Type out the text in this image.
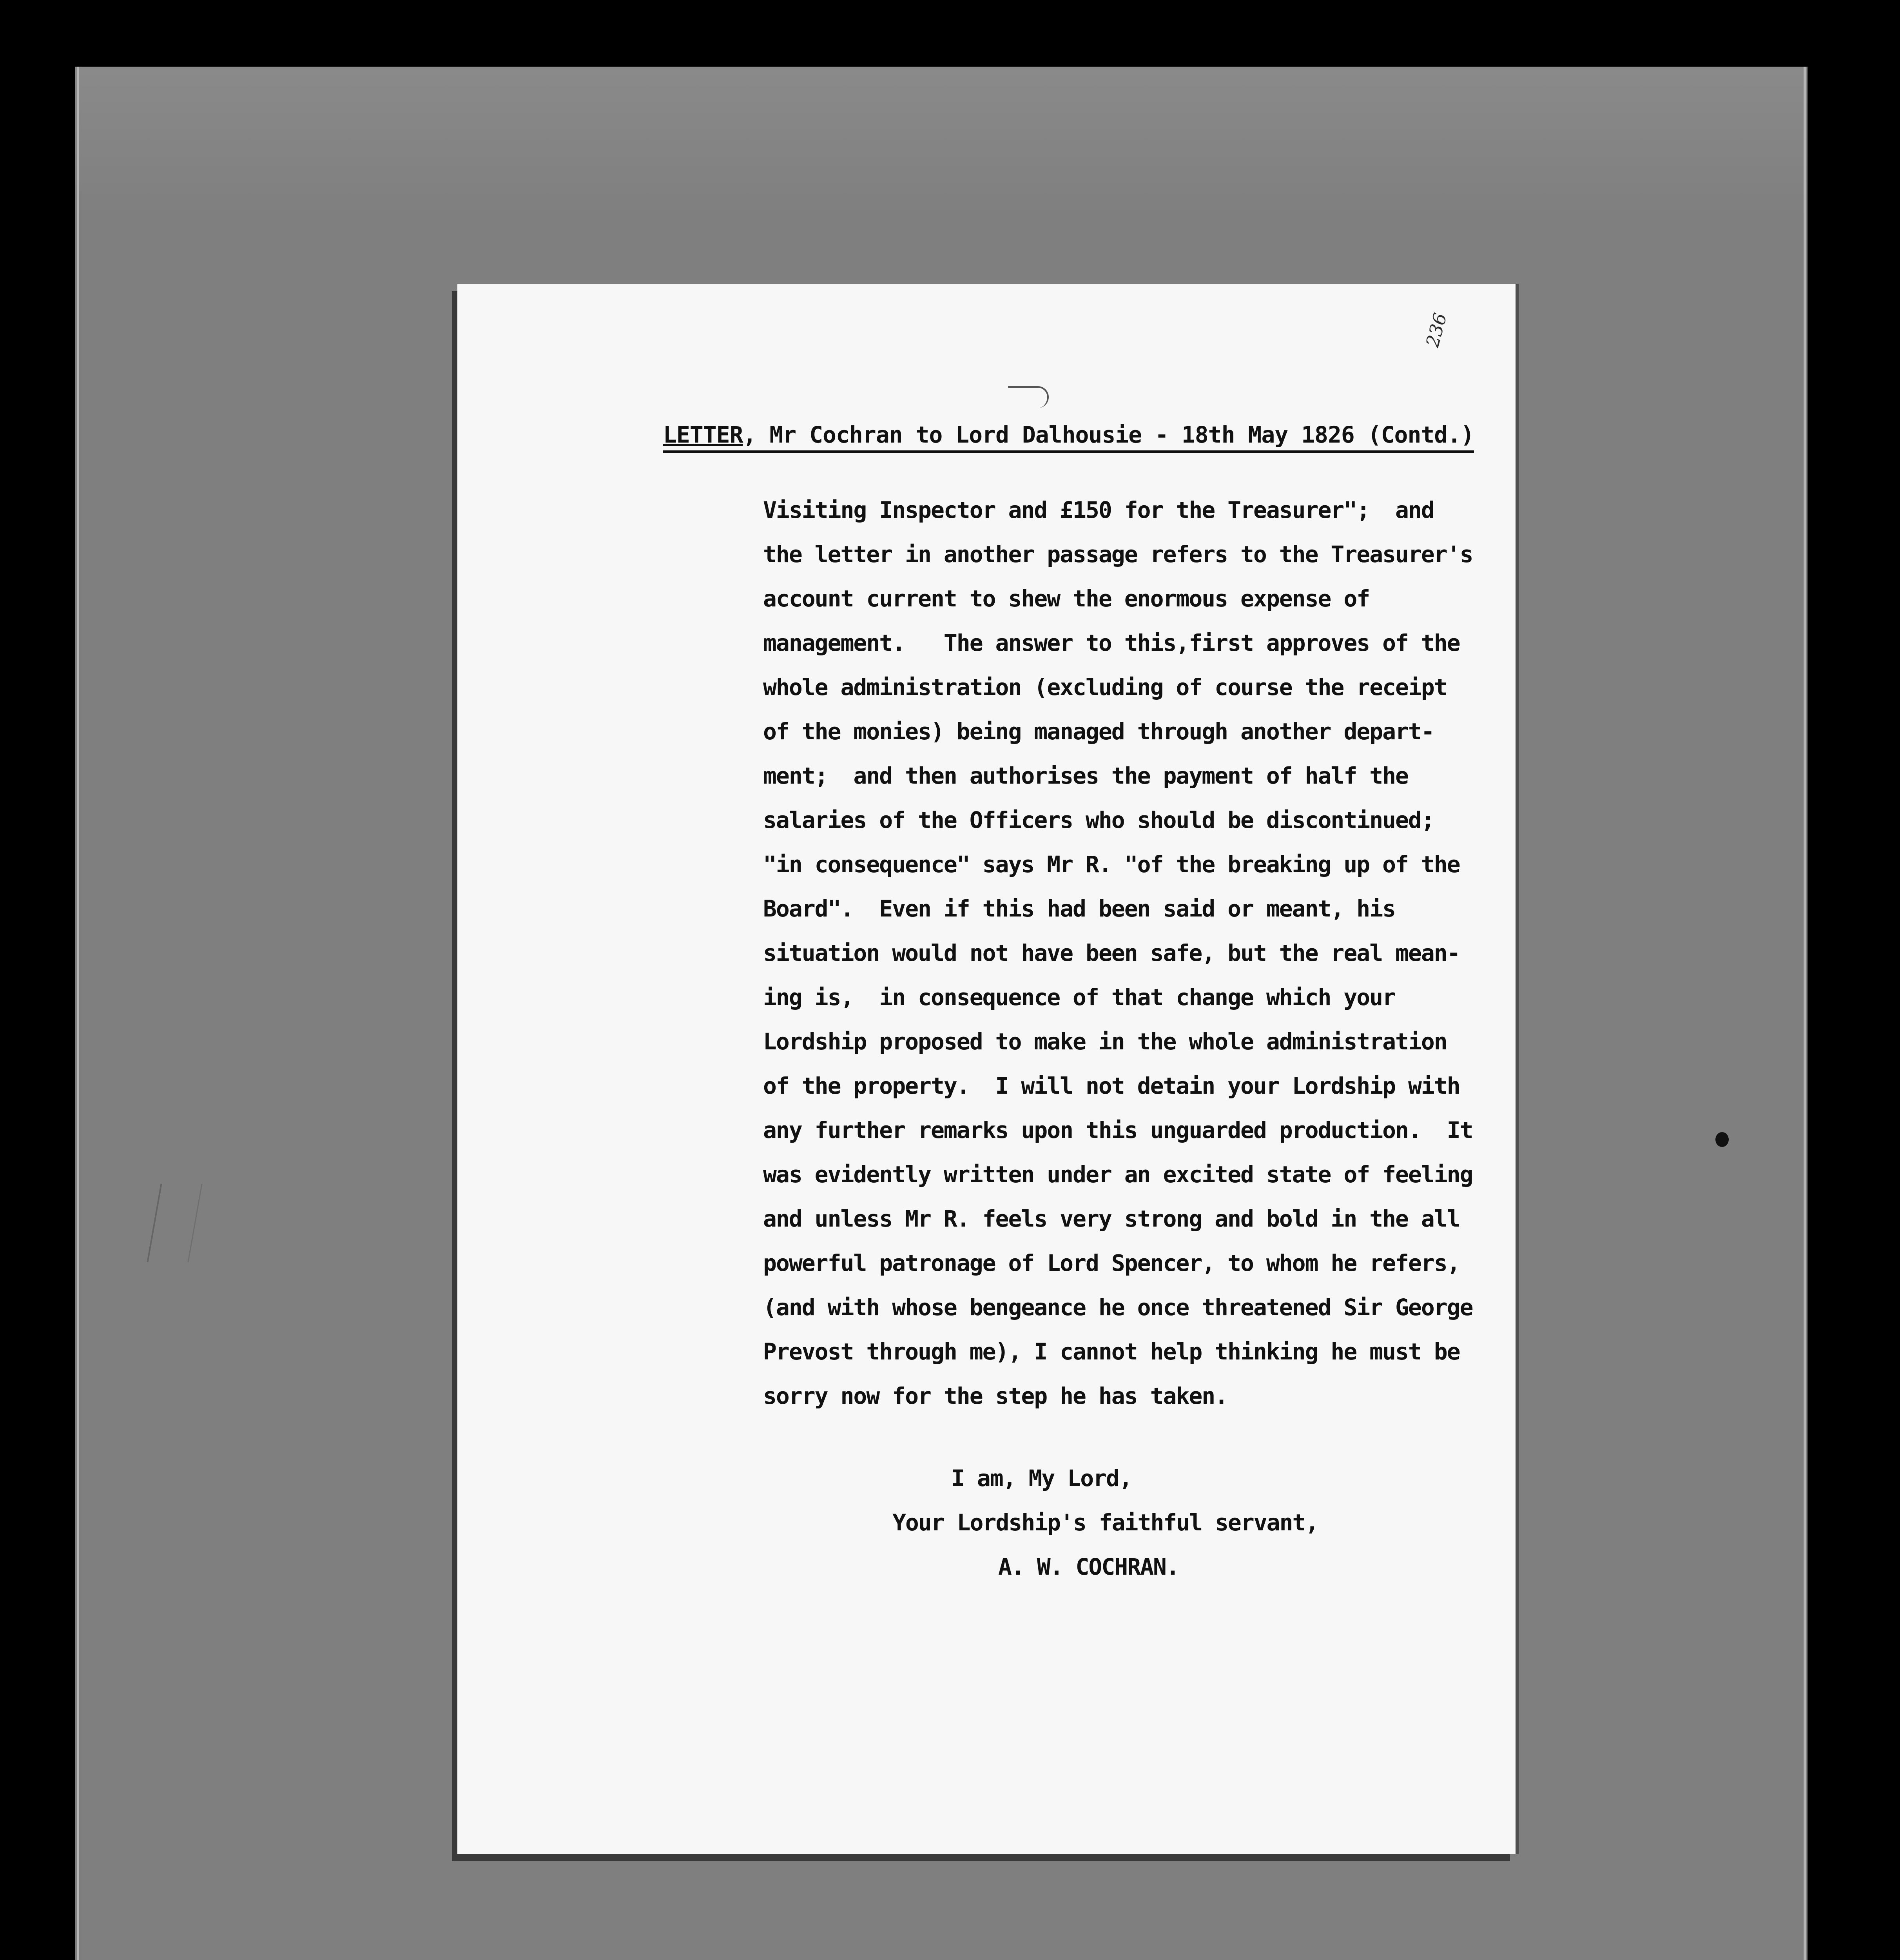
236
LETTER, Mr Cochran to Lord Dalhousie - 18th May 1826 (Contd.)
Visiting Inspector and £150 for the Treasurer";  and
the letter in another passage refers to the Treasurer's
account current to shew the enormous expense of
management.   The answer to this,first approves of the
whole administration (excluding of course the receipt
of the monies) being managed through another depart-
ment;  and then authorises the payment of half the
salaries of the Officers who should be discontinued;
"in consequence" says Mr R. "of the breaking up of the
Board".  Even if this had been said or meant, his
situation would not have been safe, but the real mean-
ing is,  in consequence of that change which your
Lordship proposed to make in the whole administration
of the property.  I will not detain your Lordship with
any further remarks upon this unguarded production.  It
was evidently written under an excited state of feeling
and unless Mr R. feels very strong and bold in the all
powerful patronage of Lord Spencer, to whom he refers,
(and with whose bengeance he once threatened Sir George
Prevost through me), I cannot help thinking he must be
sorry now for the step he has taken.
I am, My Lord,
Your Lordship's faithful servant,
A. W. COCHRAN.
